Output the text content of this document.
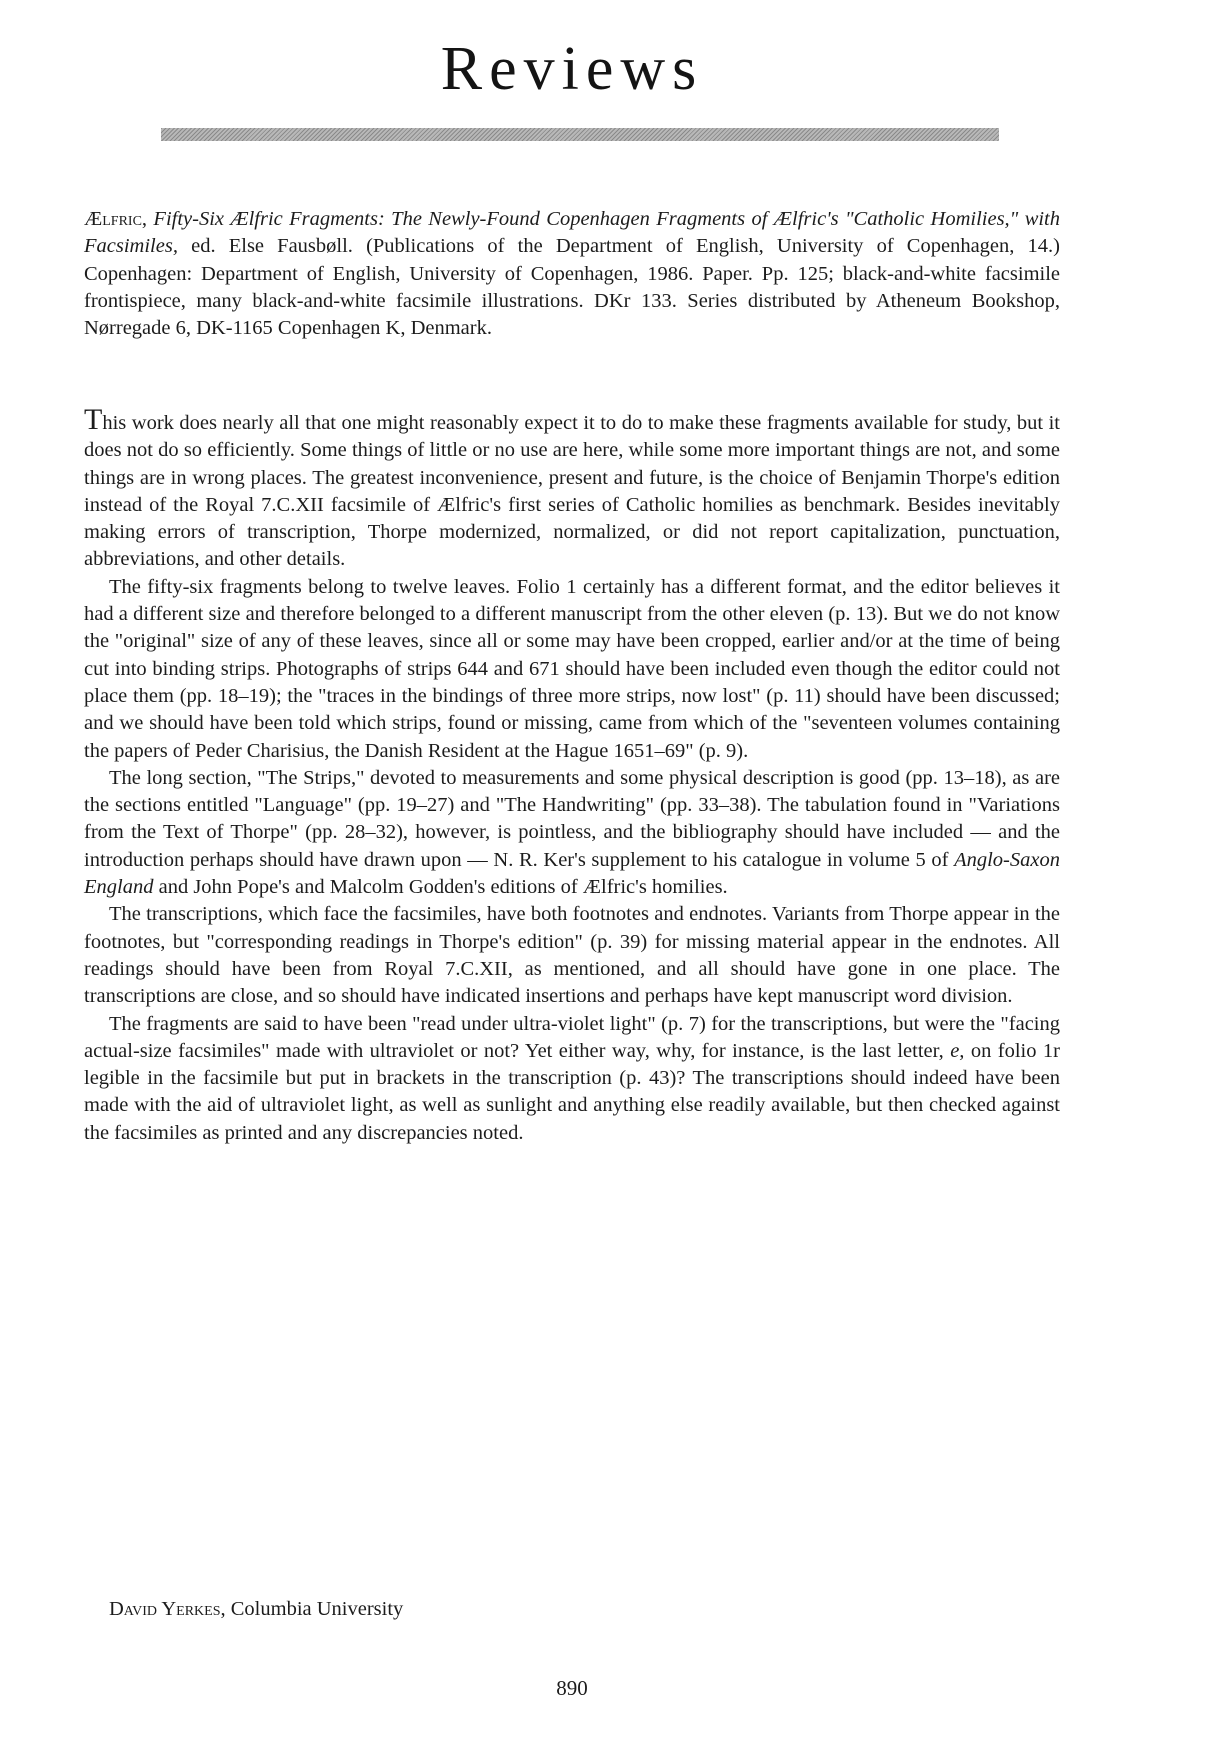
Reviews

Ælfric, Fifty-Six Ælfric Fragments: The Newly-Found Copenhagen Fragments of Ælfric's "Catholic Homilies," with Facsimiles, ed. Else Fausbøll. (Publications of the Department of English, University of Copenhagen, 14.) Copenhagen: Department of English, University of Copenhagen, 1986. Paper. Pp. 125; black-and-white facsimile frontispiece, many black-and-white facsimile illustrations. DKr 133. Series distributed by Atheneum Bookshop, Nørregade 6, DK-1165 Copenhagen K, Denmark.

This work does nearly all that one might reasonably expect it to do to make these fragments available for study, but it does not do so efficiently. Some things of little or no use are here, while some more important things are not, and some things are in wrong places. The greatest inconvenience, present and future, is the choice of Benjamin Thorpe's edition instead of the Royal 7.C.XII facsimile of Ælfric's first series of Catholic homilies as benchmark. Besides inevitably making errors of transcription, Thorpe modernized, normalized, or did not report capitalization, punctuation, abbreviations, and other details.

The fifty-six fragments belong to twelve leaves. Folio 1 certainly has a different format, and the editor believes it had a different size and therefore belonged to a different manuscript from the other eleven (p. 13). But we do not know the "original" size of any of these leaves, since all or some may have been cropped, earlier and/or at the time of being cut into binding strips. Photographs of strips 644 and 671 should have been included even though the editor could not place them (pp. 18–19); the "traces in the bindings of three more strips, now lost" (p. 11) should have been discussed; and we should have been told which strips, found or missing, came from which of the "seventeen volumes containing the papers of Peder Charisius, the Danish Resident at the Hague 1651–69" (p. 9).

The long section, "The Strips," devoted to measurements and some physical description is good (pp. 13–18), as are the sections entitled "Language" (pp. 19–27) and "The Handwriting" (pp. 33–38). The tabulation found in "Variations from the Text of Thorpe" (pp. 28–32), however, is pointless, and the bibliography should have included — and the introduction perhaps should have drawn upon — N. R. Ker's supplement to his catalogue in volume 5 of Anglo-Saxon England and John Pope's and Malcolm Godden's editions of Ælfric's homilies.

The transcriptions, which face the facsimiles, have both footnotes and endnotes. Variants from Thorpe appear in the footnotes, but "corresponding readings in Thorpe's edition" (p. 39) for missing material appear in the endnotes. All readings should have been from Royal 7.C.XII, as mentioned, and all should have gone in one place. The transcriptions are close, and so should have indicated insertions and perhaps have kept manuscript word division.

The fragments are said to have been "read under ultra-violet light" (p. 7) for the transcriptions, but were the "facing actual-size facsimiles" made with ultraviolet or not? Yet either way, why, for instance, is the last letter, e, on folio 1r legible in the facsimile but put in brackets in the transcription (p. 43)? The transcriptions should indeed have been made with the aid of ultraviolet light, as well as sunlight and anything else readily available, but then checked against the facsimiles as printed and any discrepancies noted.

David Yerkes, Columbia University
890
